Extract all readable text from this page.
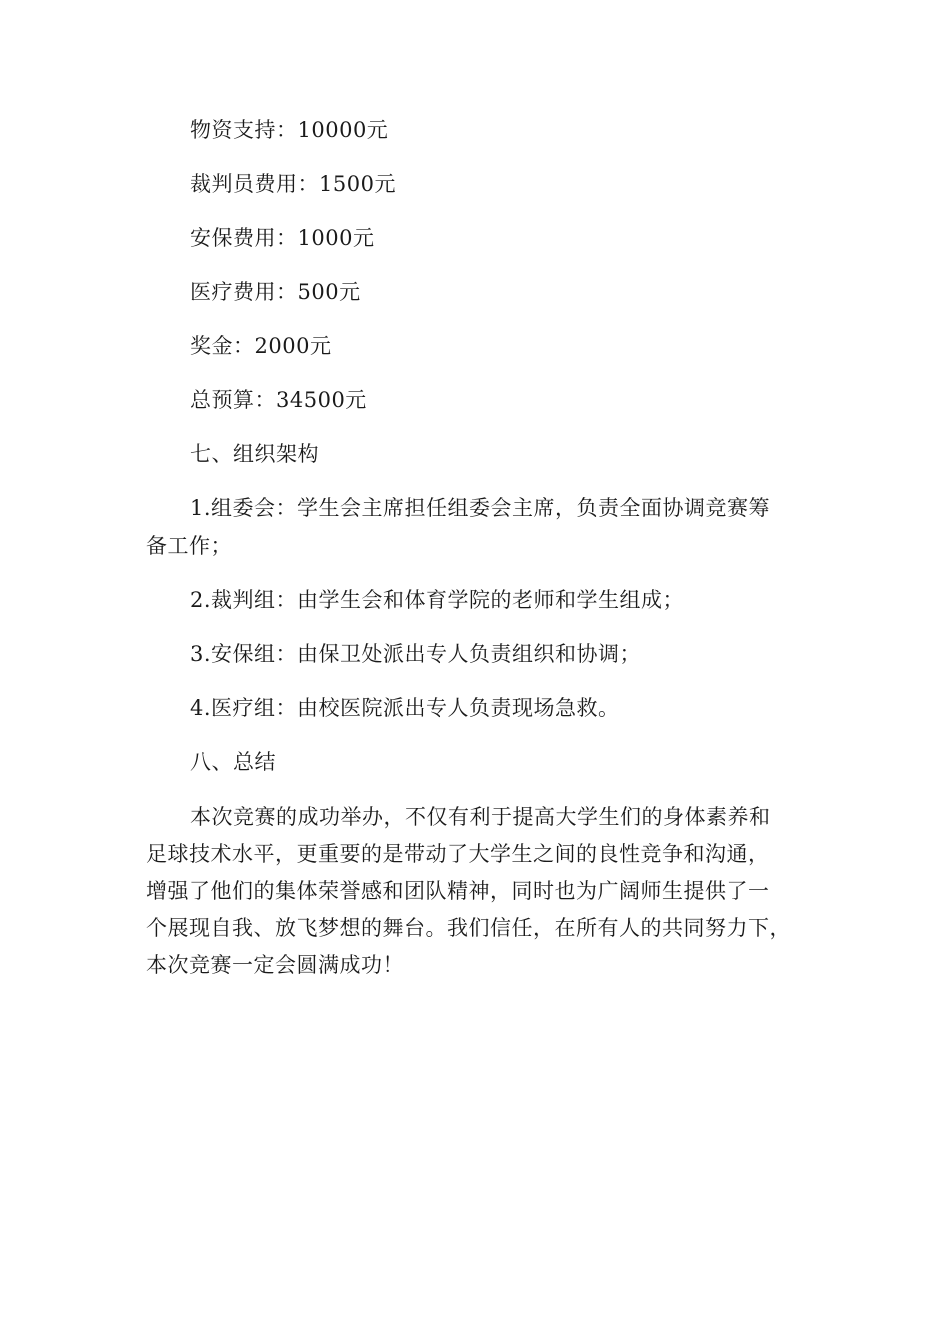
物资支持：10000元
裁判员费用：1500元
安保费用：1000元
医疗费用：500元
奖金：2000元
总预算：34500元
七、组织架构
1.组委会：学生会主席担任组委会主席，负责全面协调竞赛筹
备工作；
2.裁判组：由学生会和体育学院的老师和学生组成；
3.安保组：由保卫处派出专人负责组织和协调；
4.医疗组：由校医院派出专人负责现场急救。
八、总结
本次竞赛的成功举办，不仅有利于提高大学生们的身体素养和
足球技术水平，更重要的是带动了大学生之间的良性竞争和沟通，
增强了他们的集体荣誉感和团队精神，同时也为广阔师生提供了一
个展现自我、放飞梦想的舞台。我们信任，在所有人的共同努力下，
本次竞赛一定会圆满成功！
